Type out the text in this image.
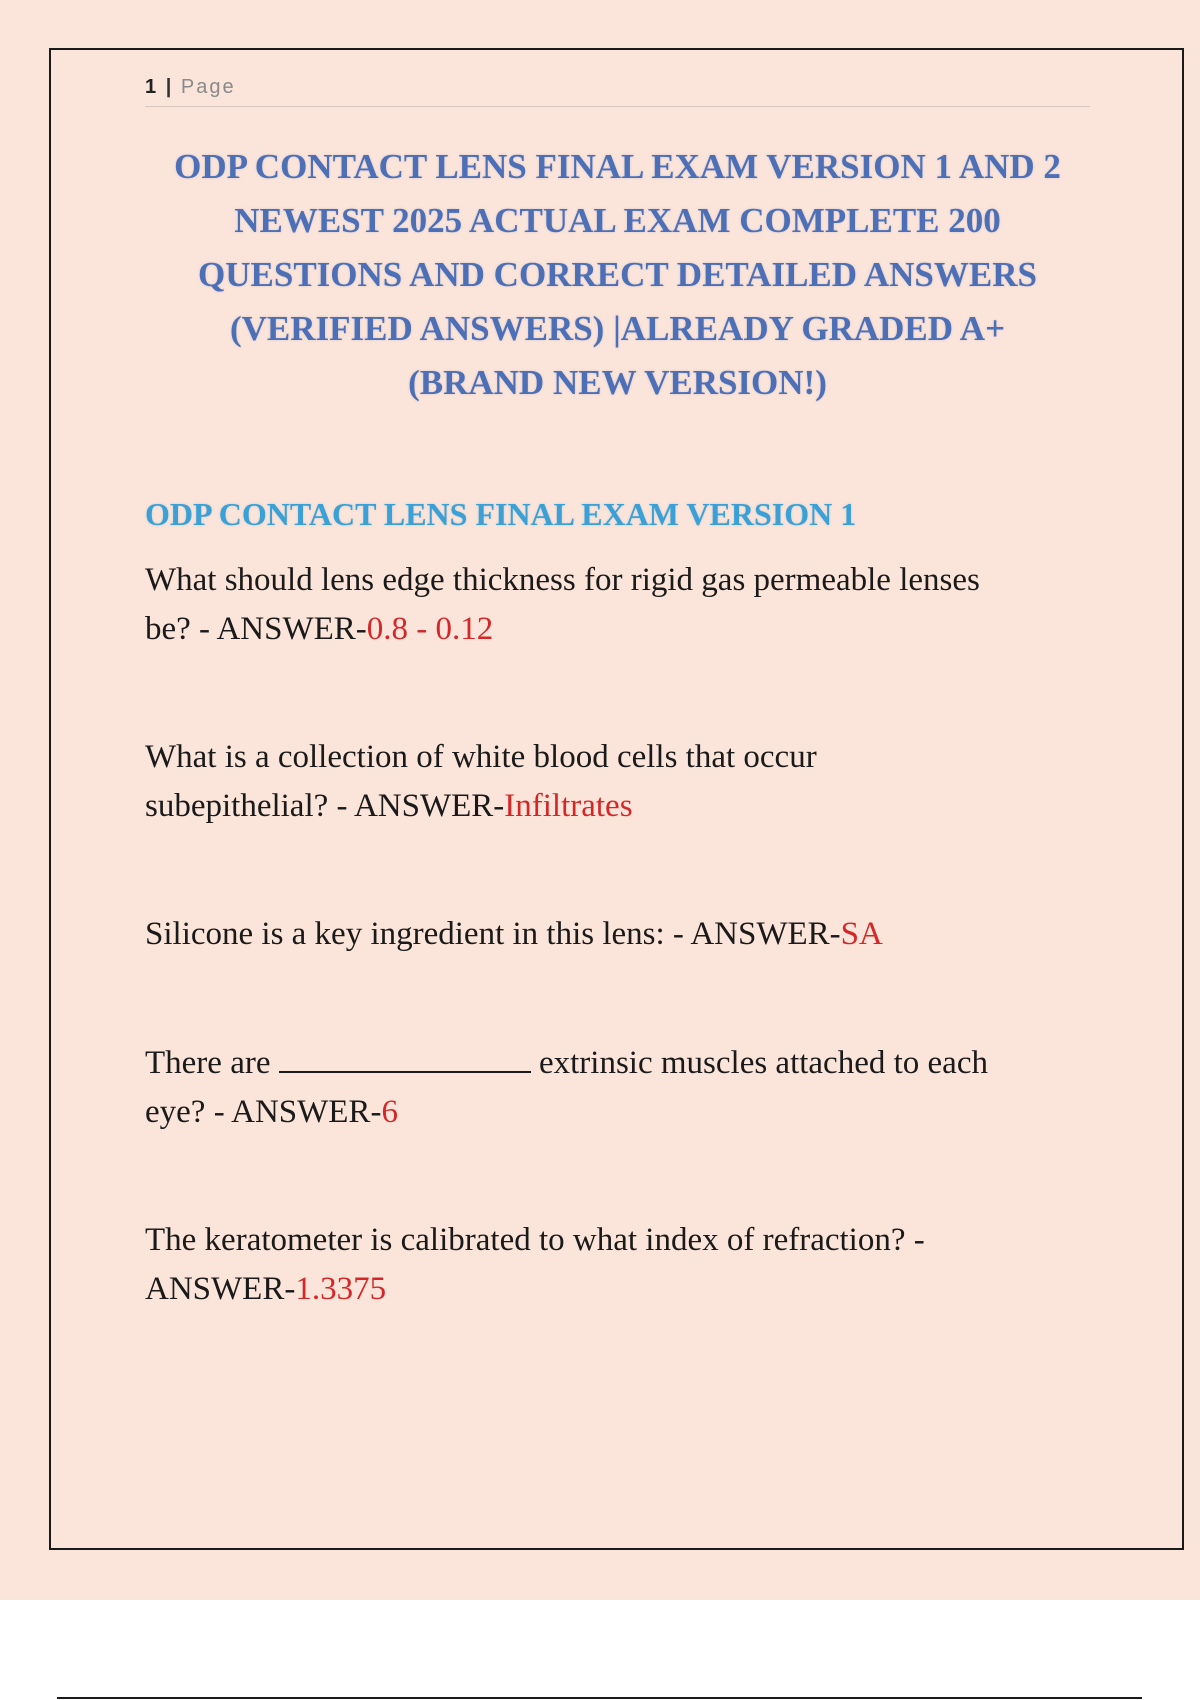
1 | Page
ODP CONTACT LENS FINAL EXAM VERSION 1 AND 2
NEWEST 2025 ACTUAL EXAM COMPLETE 200
QUESTIONS AND CORRECT DETAILED ANSWERS
(VERIFIED ANSWERS) |ALREADY GRADED A+
(BRAND NEW VERSION!)
ODP CONTACT LENS FINAL EXAM VERSION 1

What should lens edge thickness for rigid gas permeable lenses
be? - ANSWER-0.8 - 0.12

What is a collection of white blood cells that occur
subepithelial? - ANSWER-Infiltrates

Silicone is a key ingredient in this lens: - ANSWER-SA

There are	extrinsic muscles attached to each
eye? - ANSWER-6

The keratometer is calibrated to what index of refraction? -
ANSWER-1.3375
